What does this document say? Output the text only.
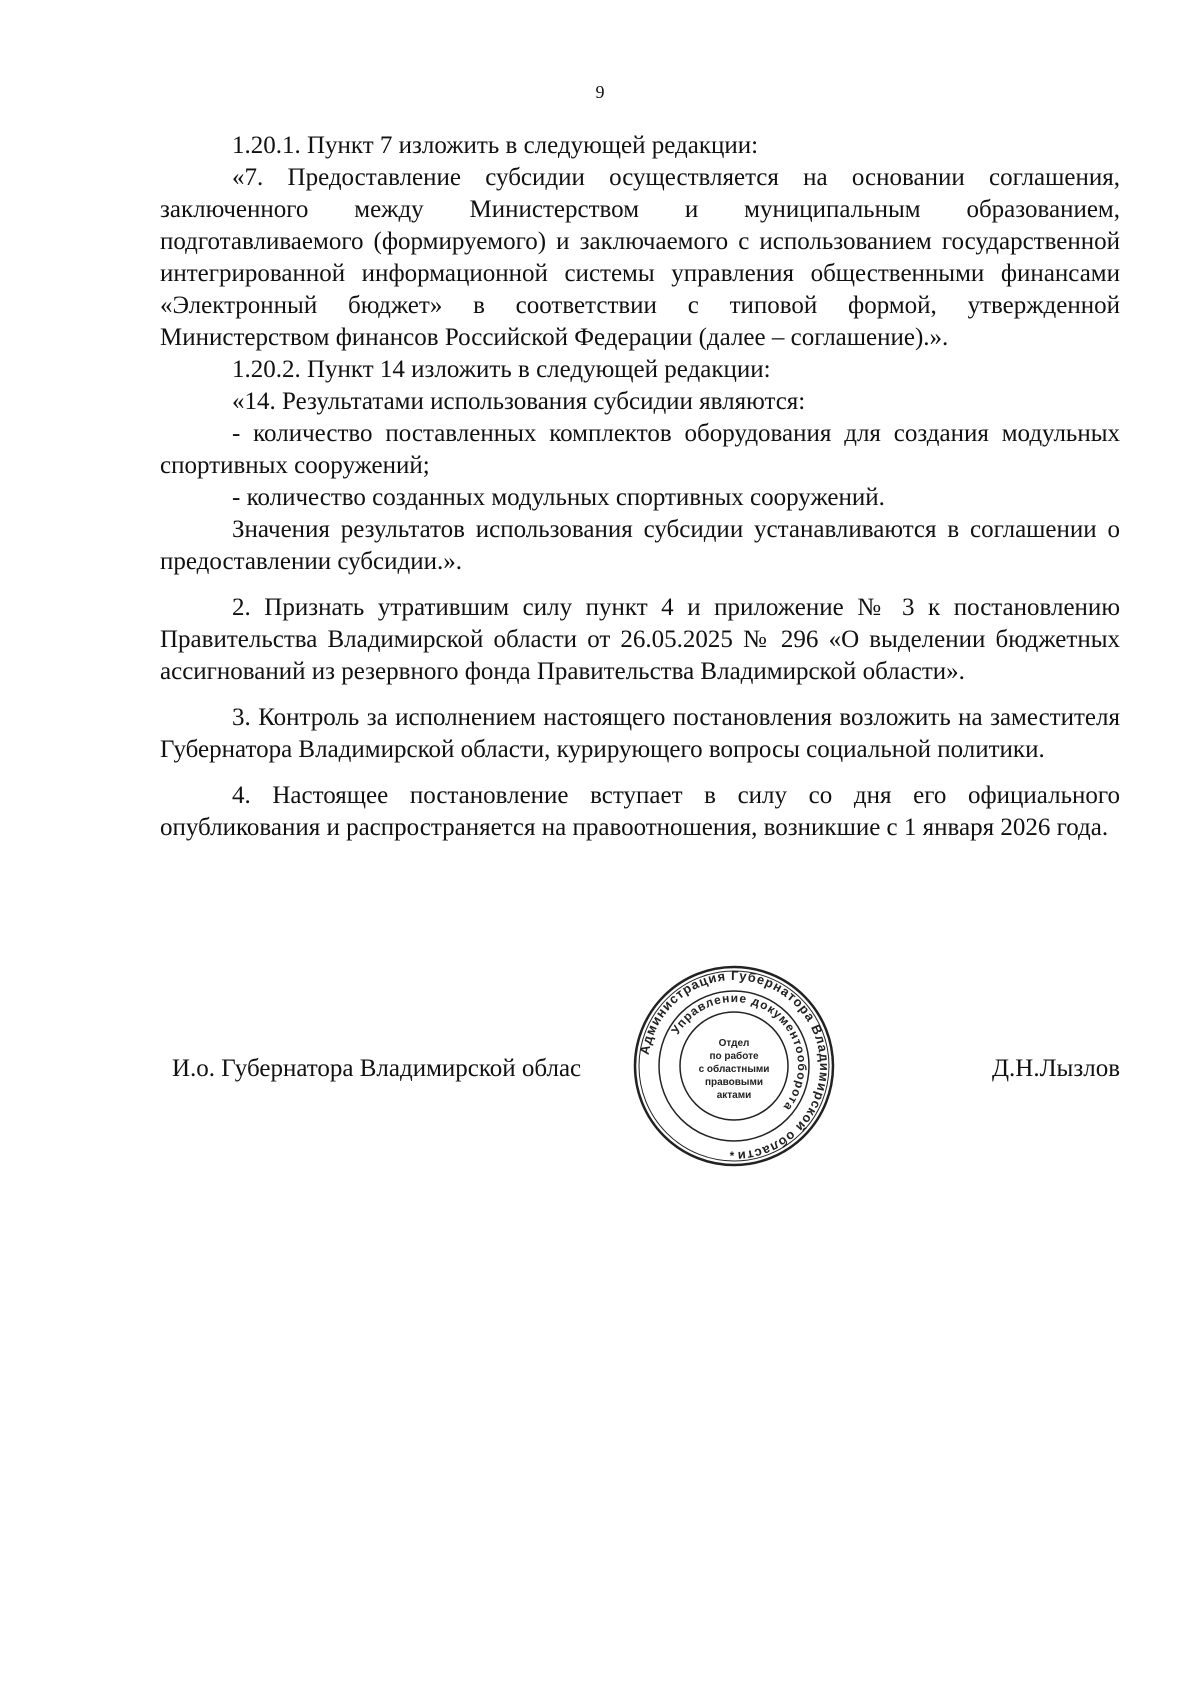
9

1.20.1. Пункт 7 изложить в следующей редакции:

«7. Предоставление субсидии осуществляется на основании соглашения, заключенного между Министерством и муниципальным образованием, подготавливаемого (формируемого) и заключаемого с использованием государственной интегрированной информационной системы управления общественными финансами «Электронный бюджет» в соответствии с типовой формой, утвержденной Министерством финансов Российской Федерации (далее – соглашение).».

1.20.2. Пункт 14 изложить в следующей редакции:

«14. Результатами использования субсидии являются:

- количество поставленных комплектов оборудования для создания модульных спортивных сооружений;

- количество созданных модульных спортивных сооружений.

Значения результатов использования субсидии устанавливаются в соглашении о предоставлении субсидии.».

2. Признать утратившим силу пункт 4 и приложение № 3 к постановлению Правительства Владимирской области от 26.05.2025 № 296 «О выделении бюджетных ассигнований из резервного фонда Правительства Владимирской области».

3. Контроль за исполнением настоящего постановления возложить на заместителя Губернатора Владимирской области, курирующего вопросы социальной политики.

4. Настоящее постановление вступает в силу со дня его официального опубликования и распространяется на правоотношения, возникшие с 1 января 2026 года.

И.о. Губернатора Владимирской облас	Д.Н.Лызлов
Администрация Губернатора Владимирской области
Управление документооборота
Отдел
по работе
с областными
правовыми
актами
*
